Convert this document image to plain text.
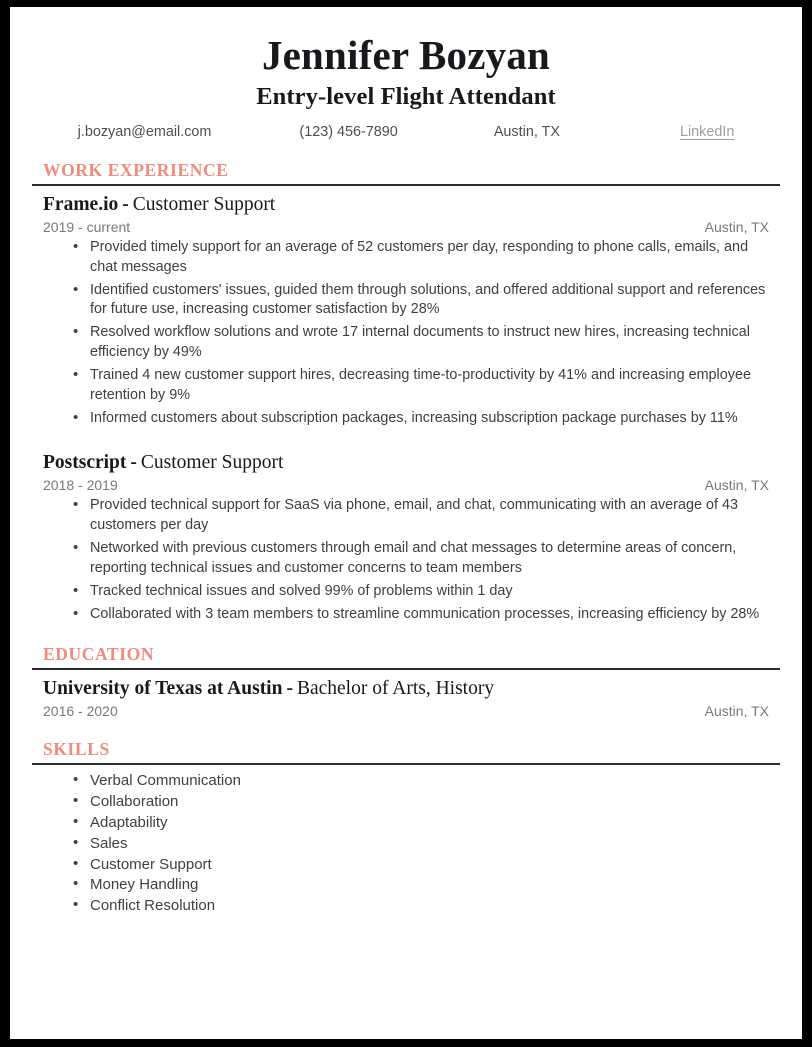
Jennifer Bozyan
Entry-level Flight Attendant
j.bozyan@email.com	(123) 456-7890	Austin, TX	LinkedIn
WORK EXPERIENCE
Frame.io - Customer Support
2019 - current	Austin, TX
• Provided timely support for an average of 52 customers per day, responding to phone calls, emails, and chat messages
• Identified customers' issues, guided them through solutions, and offered additional support and references for future use, increasing customer satisfaction by 28%
• Resolved workflow solutions and wrote 17 internal documents to instruct new hires, increasing technical efficiency by 49%
• Trained 4 new customer support hires, decreasing time-to-productivity by 41% and increasing employee retention by 9%
• Informed customers about subscription packages, increasing subscription package purchases by 11%
Postscript - Customer Support
2018 - 2019	Austin, TX
• Provided technical support for SaaS via phone, email, and chat, communicating with an average of 43 customers per day
• Networked with previous customers through email and chat messages to determine areas of concern, reporting technical issues and customer concerns to team members
• Tracked technical issues and solved 99% of problems within 1 day
• Collaborated with 3 team members to streamline communication processes, increasing efficiency by 28%
EDUCATION
University of Texas at Austin - Bachelor of Arts, History
2016 - 2020	Austin, TX
SKILLS
• Verbal Communication
• Collaboration
• Adaptability
• Sales
• Customer Support
• Money Handling
• Conflict Resolution
